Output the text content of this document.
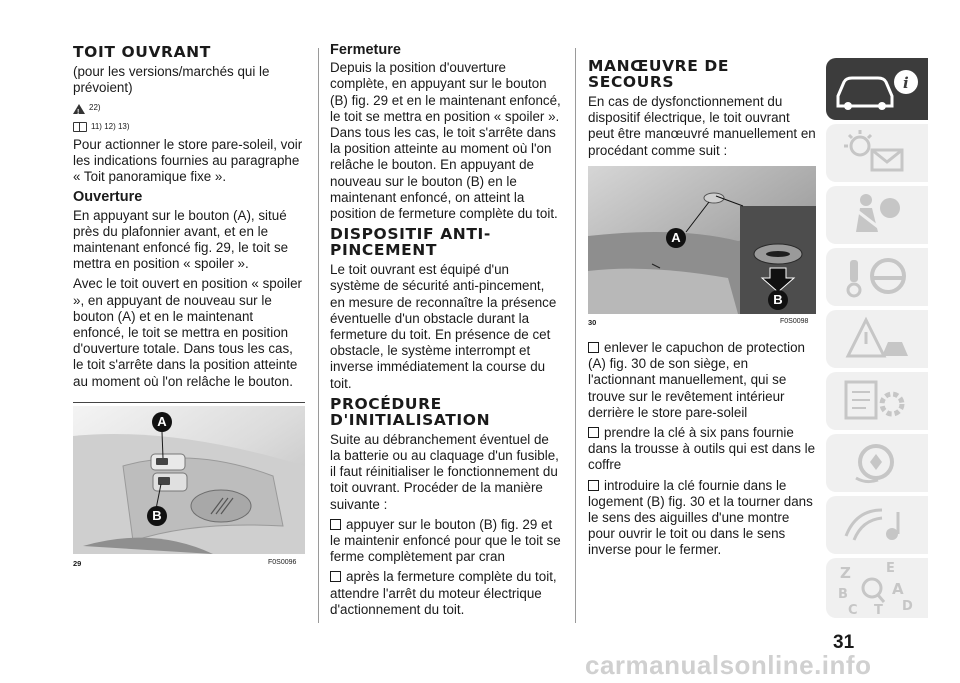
TOIT OUVRANT

(pour les versions/marchés qui le prévoient)

!
22)
11) 12) 13)

Pour actionner le store pare-soleil, voir les indications fournies au paragraphe « Toit panoramique fixe ».

Ouverture

En appuyant sur le bouton (A), situé près du plafonnier avant, et en le maintenant enfoncé fig. 29, le toit se mettra en position « spoiler ».

Avec le toit ouvert en position « spoiler », en appuyant de nouveau sur le bouton (A) et en le maintenant enfoncé, le toit se mettra en position d'ouverture totale. Dans tous les cas, le toit s'arrête dans la position atteinte au moment où l'on relâche le bouton.

A
B
29	F0S0096
Fermeture

Depuis la position d'ouverture complète, en appuyant sur le bouton (B) fig. 29 et en le maintenant enfoncé, le toit se mettra en position « spoiler ». Dans tous les cas, le toit s'arrête dans la position atteinte au moment où l'on relâche le bouton. En appuyant de nouveau sur le bouton (B) en le maintenant enfoncé, on atteint la position de fermeture complète du toit.

DISPOSITIF ANTI-PINCEMENT

Le toit ouvrant est équipé d'un système de sécurité anti-pincement, en mesure de reconnaître la présence éventuelle d'un obstacle durant la fermeture du toit. En présence de cet obstacle, le système interrompt et inverse immédiatement la course du toit.

PROCÉDURE D'INITIALISATION

Suite au débranchement éventuel de la batterie ou au claquage d'un fusible, il faut réinitialiser le fonctionnement du toit ouvrant. Procéder de la manière suivante :

appuyer sur le bouton (B) fig. 29 et le maintenir enfoncé pour que le toit se ferme complètement par cran

après la fermeture complète du toit, attendre l'arrêt du moteur électrique d'actionnement du toit.

MANŒUVRE DE SECOURS

En cas de dysfonctionnement du dispositif électrique, le toit ouvrant peut être manœuvré manuellement en procédant comme suit :

A
B
30	F0S0098

enlever le capuchon de protection (A) fig. 30 de son siège, en l'actionnant manuellement, qui se trouve sur le revêtement intérieur derrière le store pare-soleil

prendre la clé à six pans fournie dans la trousse à outils qui est dans le coffre

introduire la clé fournie dans le logement (B) fig. 30 et la tourner dans le sens des aiguilles d'une montre pour ouvrir le toit ou dans le sens inverse pour le fermer.

i
Z	E
B	A
D
C T
31
carmanualsonline.info
